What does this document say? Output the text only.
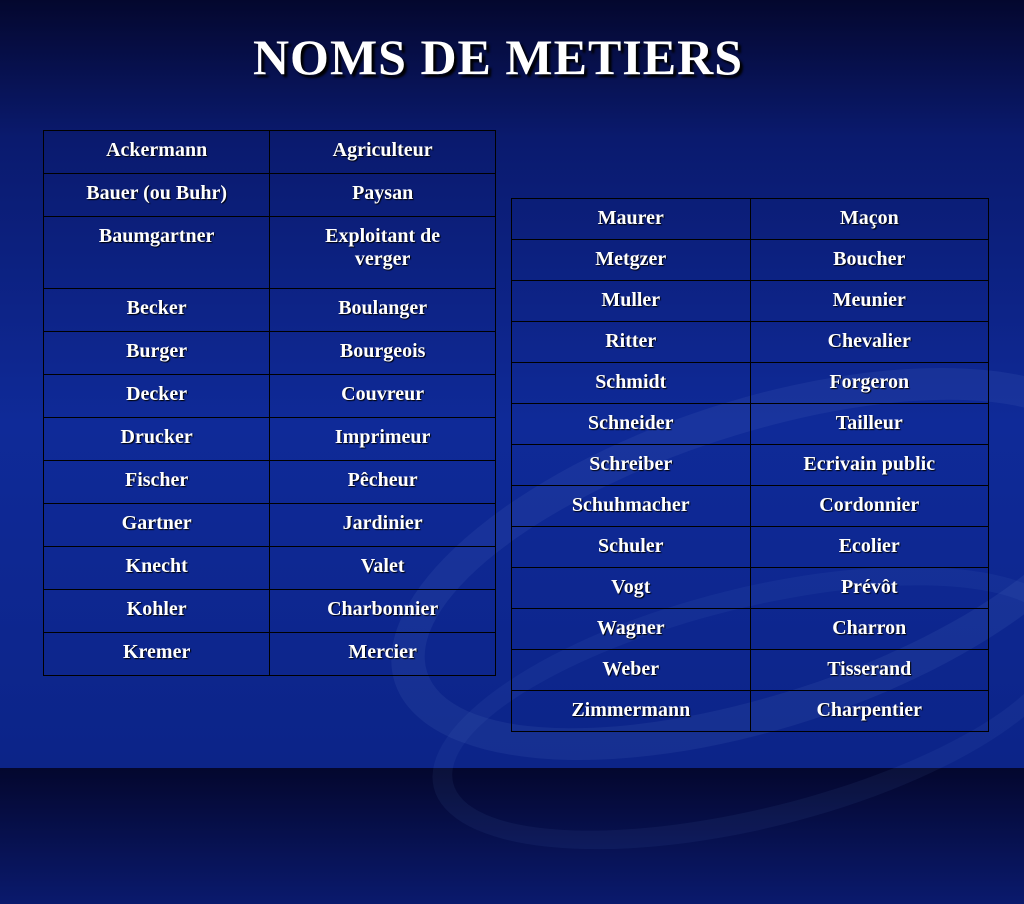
NOMS DE METIERS
Ackermann	Agriculteur
Bauer (ou Buhr)	Paysan
Baumgartner	Exploitant de verger
Becker	Boulanger
Burger	Bourgeois
Decker	Couvreur
Drucker	Imprimeur
Fischer	Pêcheur
Gartner	Jardinier
Knecht	Valet
Kohler	Charbonnier
Kremer	Mercier
Maurer	Maçon
Metgzer	Boucher
Muller	Meunier
Ritter	Chevalier
Schmidt	Forgeron
Schneider	Tailleur
Schreiber	Ecrivain public
Schuhmacher	Cordonnier
Schuler	Ecolier
Vogt	Prévôt
Wagner	Charron
Weber	Tisserand
Zimmermann	Charpentier
